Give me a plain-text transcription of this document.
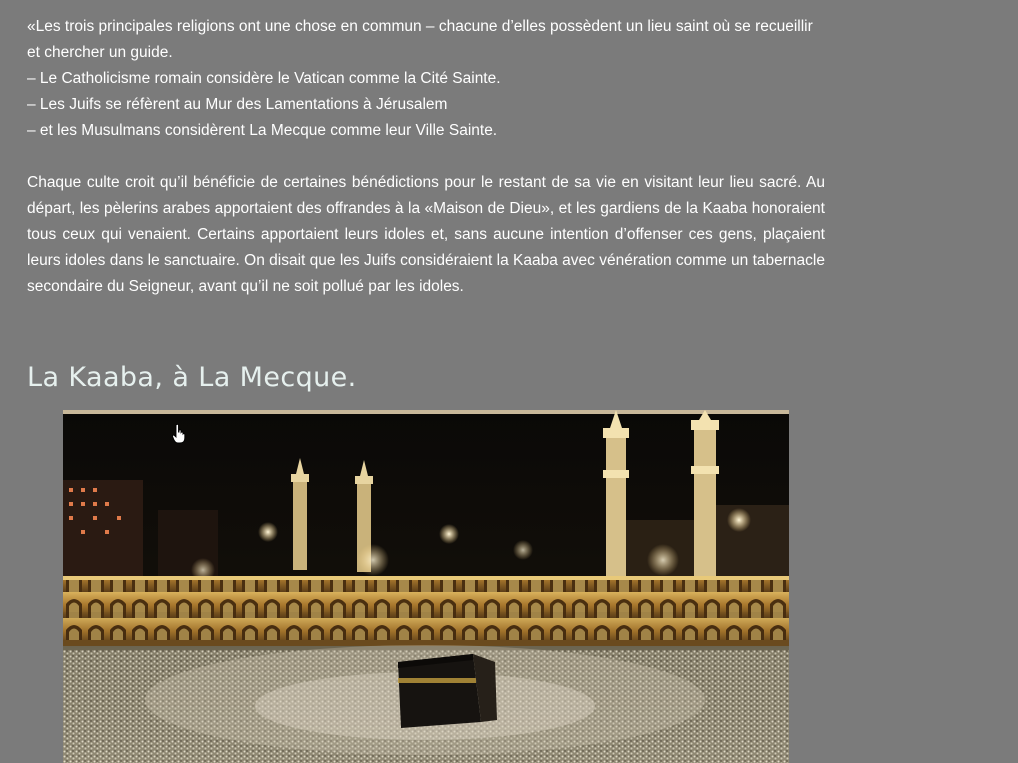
«Les trois principales religions ont une chose en commun – chacune d’elles possèdent un lieu saint où se recueillir et chercher un guide.

– Le Catholicisme romain considère le Vatican comme la Cité Sainte.

– Les Juifs se réfèrent au Mur des Lamentations à Jérusalem

– et les Musulmans considèrent La Mecque comme leur Ville Sainte.

Chaque culte croit qu’il bénéficie de certaines bénédictions pour le restant de sa vie en visitant leur lieu sacré. Au départ, les pèlerins arabes apportaient des offrandes à la «Maison de Dieu», et les gardiens de la Kaaba honoraient tous ceux qui venaient. Certains apportaient leurs idoles et, sans aucune intention d’offenser ces gens, plaçaient leurs idoles dans le sanctuaire. On disait que les Juifs considéraient la Kaaba avec vénération comme un tabernacle secondaire du Seigneur, avant qu’il ne soit pollué par les idoles.

La Kaaba, à La Mecque.
